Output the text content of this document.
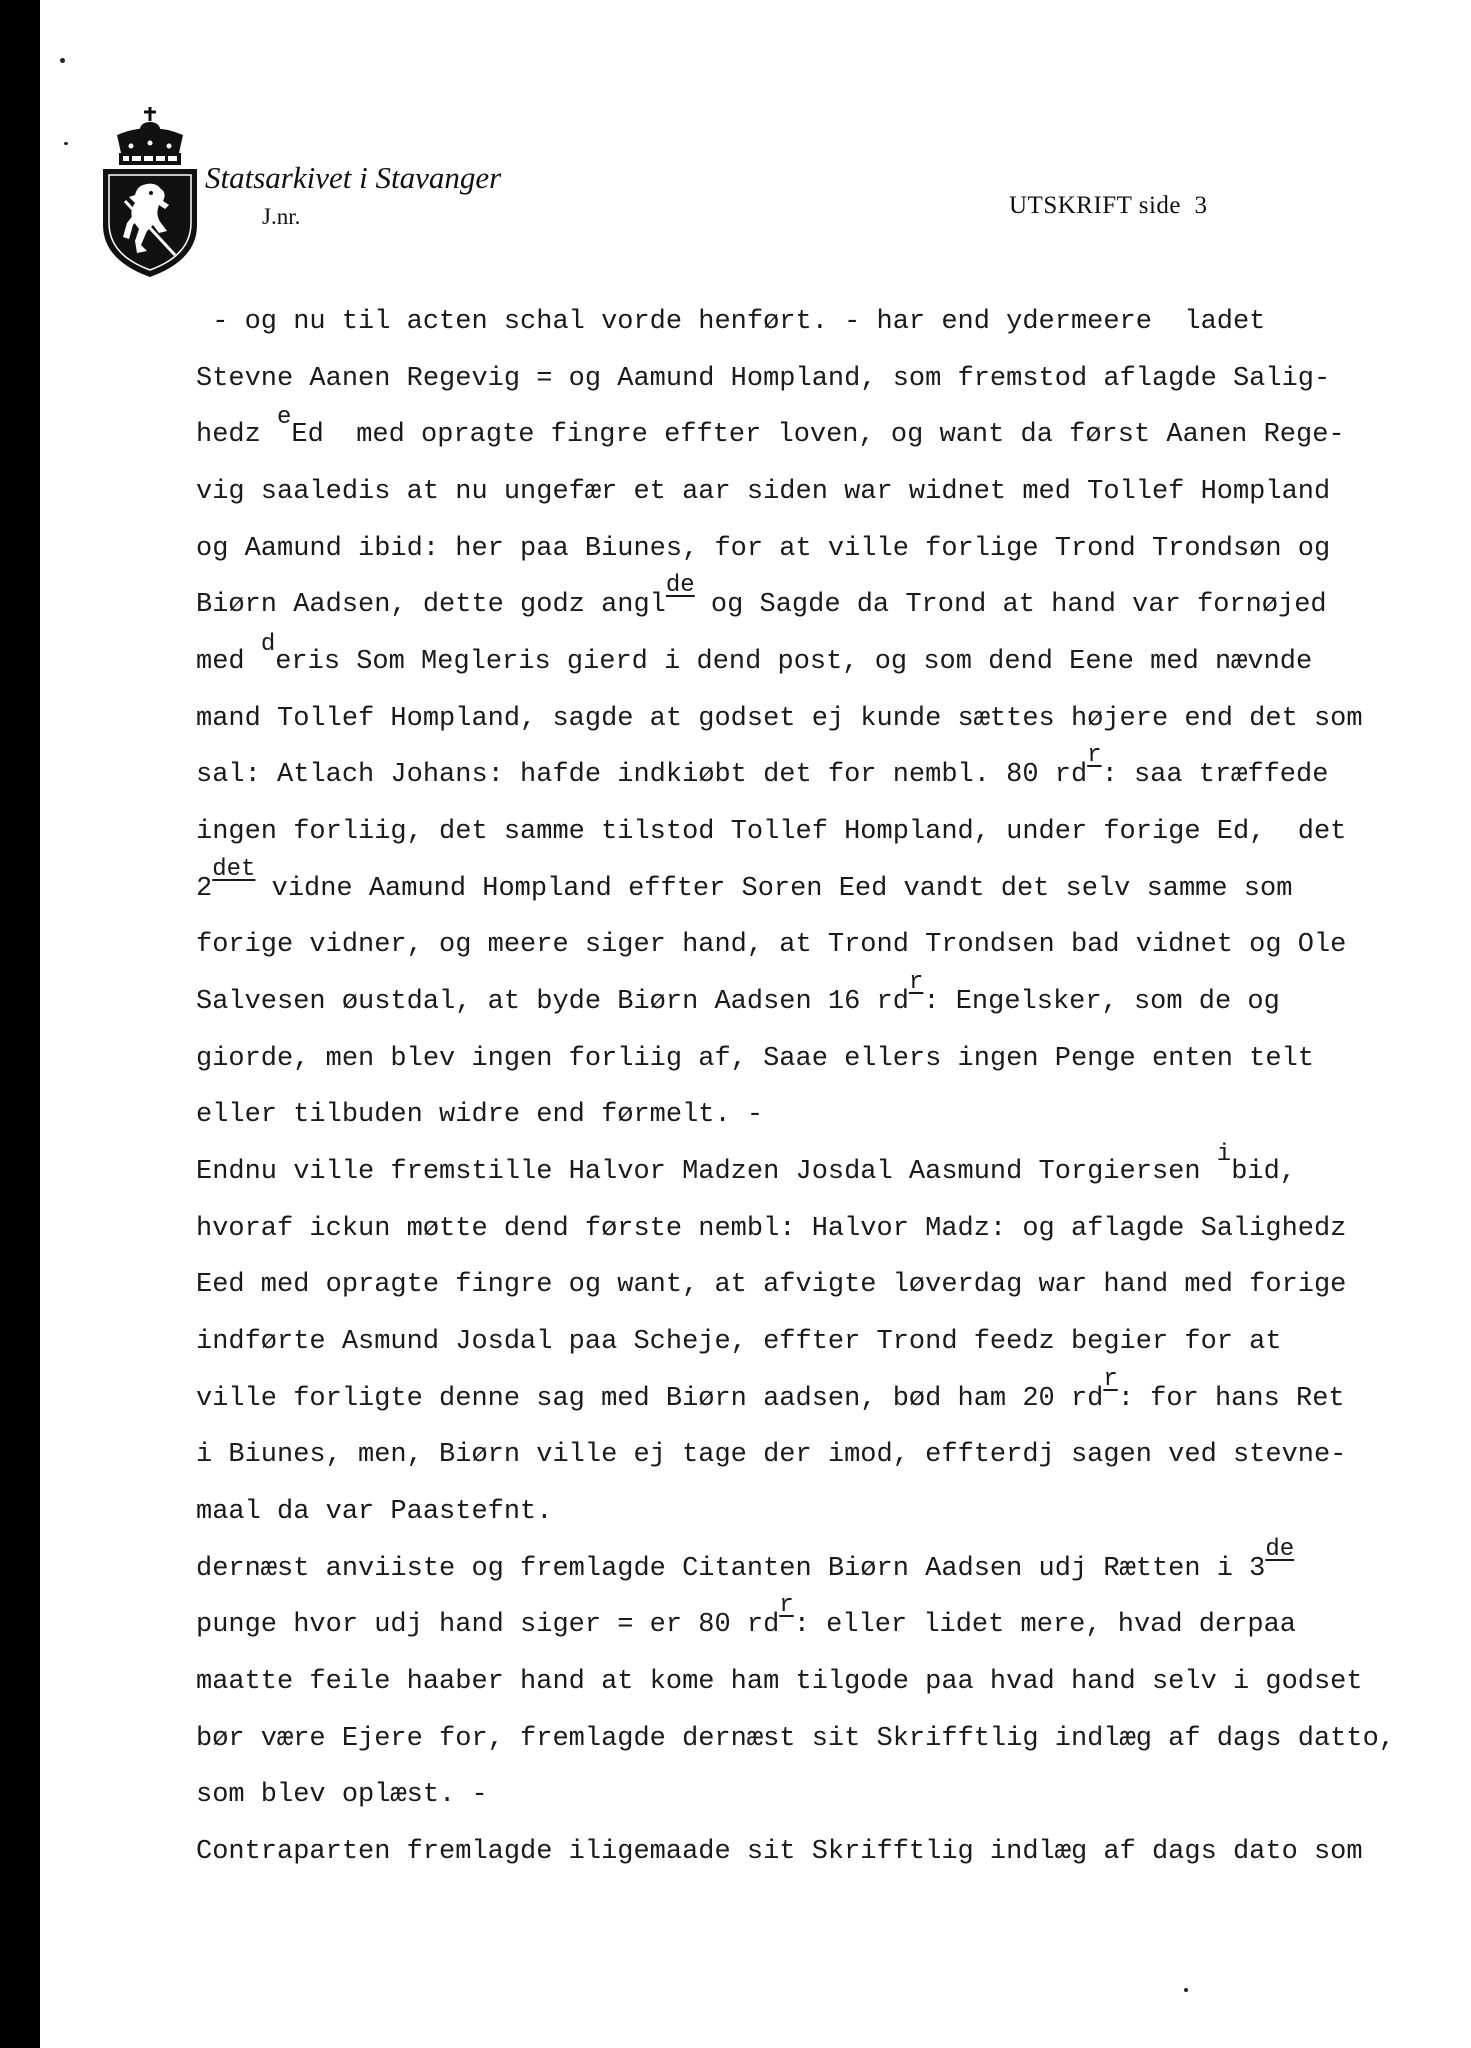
Statsarkivet i Stavanger
J.nr.	UTSKRIFT side  3
- og nu til acten schal vorde henført. - har end ydermeere  ladet
Stevne Aanen Regevig = og Aamund Hompland, som fremstod aflagde Salig-
hedz eEd  med opragte fingre effter loven, og want da først Aanen Rege-
vig saaledis at nu ungefær et aar siden war widnet med Tollef Hompland
og Aamund ibid: her paa Biunes, for at ville forlige Trond Trondsøn og
Biørn Aadsen, dette godz anglde og Sagde da Trond at hand var fornøjed
med deris Som Megleris gierd i dend post, og som dend Eene med nævnde
mand Tollef Hompland, sagde at godset ej kunde sættes højere end det som
sal: Atlach Johans: hafde indkiøbt det for nembl. 80 rdr: saa træffede
ingen forliig, det samme tilstod Tollef Hompland, under forige Ed,  det
2det vidne Aamund Hompland effter Soren Eed vandt det selv samme som
forige vidner, og meere siger hand, at Trond Trondsen bad vidnet og Ole
Salvesen øustdal, at byde Biørn Aadsen 16 rdr: Engelsker, som de og
giorde, men blev ingen forliig af, Saae ellers ingen Penge enten telt
eller tilbuden widre end førmelt. -
Endnu ville fremstille Halvor Madzen Josdal Aasmund Torgiersen ibid,
hvoraf ickun møtte dend første nembl: Halvor Madz: og aflagde Salighedz
Eed med opragte fingre og want, at afvigte løverdag war hand med forige
indførte Asmund Josdal paa Scheje, effter Trond feedz begier for at
ville forligte denne sag med Biørn aadsen, bød ham 20 rdr: for hans Ret
i Biunes, men, Biørn ville ej tage der imod, effterdj sagen ved stevne-
maal da var Paastefnt.
dernæst anviiste og fremlagde Citanten Biørn Aadsen udj Rætten i 3de
punge hvor udj hand siger = er 80 rdr: eller lidet mere, hvad derpaa
maatte feile haaber hand at kome ham tilgode paa hvad hand selv i godset
bør være Ejere for, fremlagde dernæst sit Skrifftlig indlæg af dags datto,
som blev oplæst. -
Contraparten fremlagde iligemaade sit Skrifftlig indlæg af dags dato som
